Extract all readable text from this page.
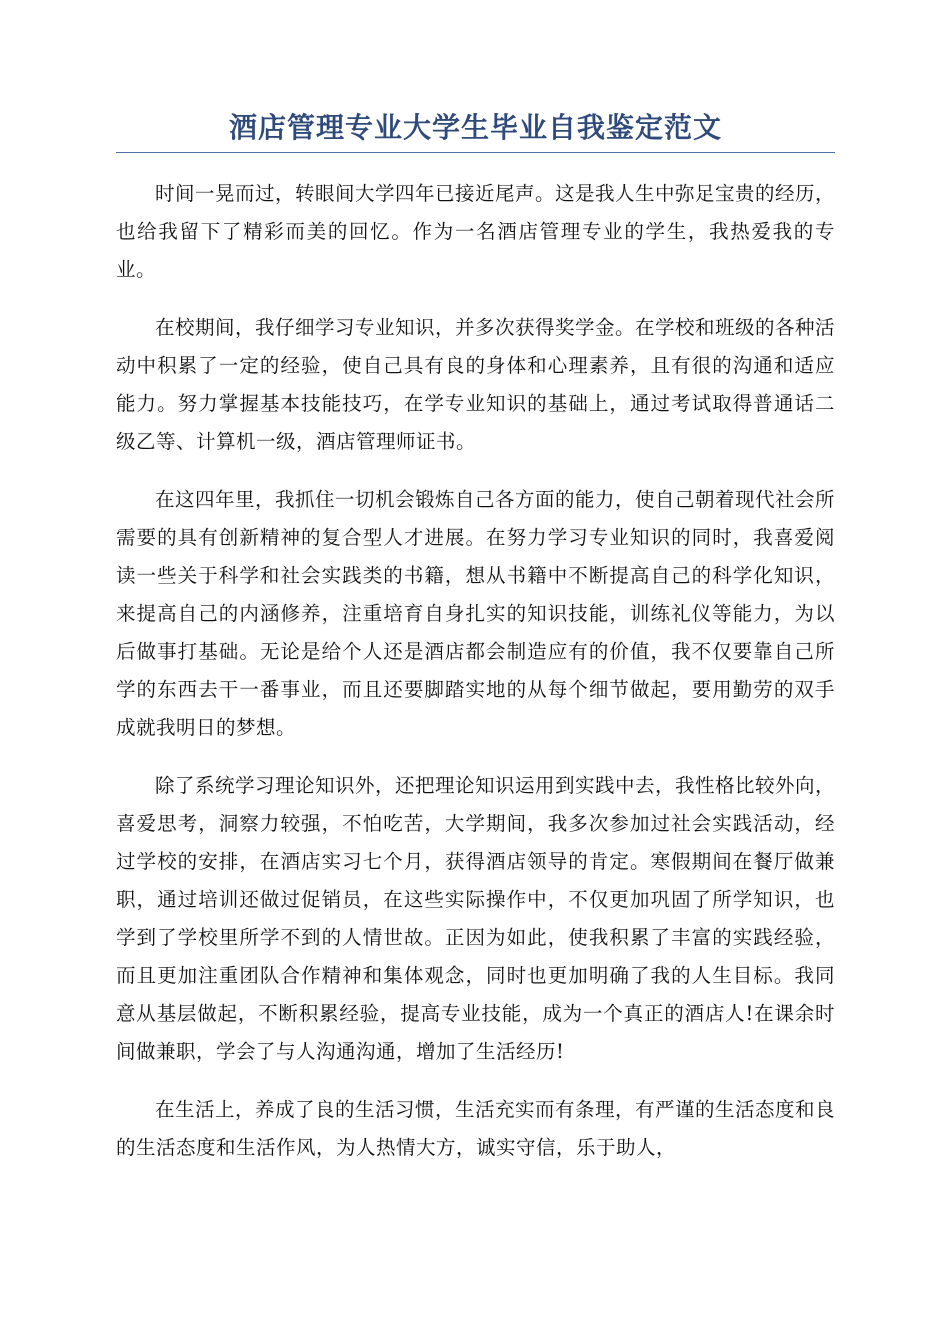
酒店管理专业大学生毕业自我鉴定范文

时间一晃而过，转眼间大学四年已接近尾声。这是我人生中弥足宝贵的经历，也给我留下了精彩而美的回忆。作为一名酒店管理专业的学生，我热爱我的专业。

在校期间，我仔细学习专业知识，并多次获得奖学金。在学校和班级的各种活动中积累了一定的经验，使自己具有良的身体和心理素养，且有很的沟通和适应能力。努力掌握基本技能技巧，在学专业知识的基础上，通过考试取得普通话二级乙等、计算机一级，酒店管理师证书。

在这四年里，我抓住一切机会锻炼自己各方面的能力，使自己朝着现代社会所需要的具有创新精神的复合型人才进展。在努力学习专业知识的同时，我喜爱阅读一些关于科学和社会实践类的书籍，想从书籍中不断提高自己的科学化知识，来提高自己的内涵修养，注重培育自身扎实的知识技能，训练礼仪等能力，为以后做事打基础。无论是给个人还是酒店都会制造应有的价值，我不仅要靠自己所学的东西去干一番事业，而且还要脚踏实地的从每个细节做起，要用勤劳的双手成就我明日的梦想。

除了系统学习理论知识外，还把理论知识运用到实践中去，我性格比较外向，喜爱思考，洞察力较强，不怕吃苦，大学期间，我多次参加过社会实践活动，经过学校的安排，在酒店实习七个月，获得酒店领导的肯定。寒假期间在餐厅做兼职，通过培训还做过促销员，在这些实际操作中，不仅更加巩固了所学知识，也学到了学校里所学不到的人情世故。正因为如此，使我积累了丰富的实践经验，而且更加注重团队合作精神和集体观念，同时也更加明确了我的人生目标。我同意从基层做起，不断积累经验，提高专业技能，成为一个真正的酒店人!在课余时间做兼职，学会了与人沟通沟通，增加了生活经历!

在生活上，养成了良的生活习惯，生活充实而有条理，有严谨的生活态度和良的生活态度和生活作风，为人热情大方，诚实守信，乐于助人，
